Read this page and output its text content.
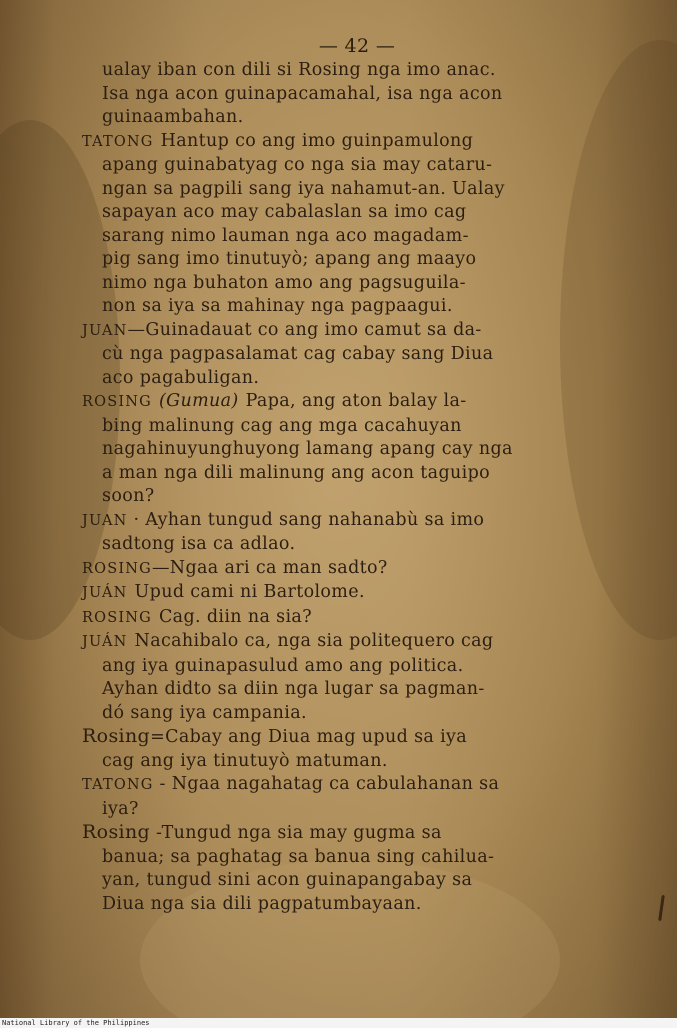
— 42 —
ualay iban con dili si Rosing nga imo anac.
Isa nga acon guinapacamahal, isa nga acon
guinaambahan.
TATONG Hantup co ang imo guinpamulong
apang guinabatyag co nga sia may cataru-
ngan sa pagpili sang iya nahamut-an. Ualay
sapayan aco may cabalaslan sa imo cag
sarang nimo lauman nga aco magadam-
pig sang imo tinutuyò; apang ang maayo
nimo nga buhaton amo ang pagsuguila-
non sa iya sa mahinay nga pagpaagui.
JUAN—Guinadauat co ang imo camut sa da-
cù nga pagpasalamat cag cabay sang Diua
aco pagabuligan.
ROSING (Gumua) Papa, ang aton balay la-
bing malinung cag ang mga cacahuyan
nagahinuyunghuyong lamang apang cay nga
a man nga dili malinung ang acon taguipo
soon?
JUAN · Ayhan tungud sang nahanabù sa imo
sadtong isa ca adlao.
ROSING—Ngaa ari ca man sadto?
JUÁN Upud cami ni Bartolome.
ROSING Cag. diin na sia?
JUÁN Nacahibalo ca, nga sia politequero cag
ang iya guinapasulud amo ang politica.
Ayhan didto sa diin nga lugar sa pagman-
dó sang iya campania.
Rosing=Cabay ang Diua mag upud sa iya
cag ang iya tinutuyò matuman.
TATONG - Ngaa nagahatag ca cabulahanan sa
iya?
Rosing -Tungud nga sia may gugma sa
banua; sa paghatag sa banua sing cahilua-
yan, tungud sini acon guinapangabay sa
Diua nga sia dili pagpatumbayaan.
National Library of the Philippines
